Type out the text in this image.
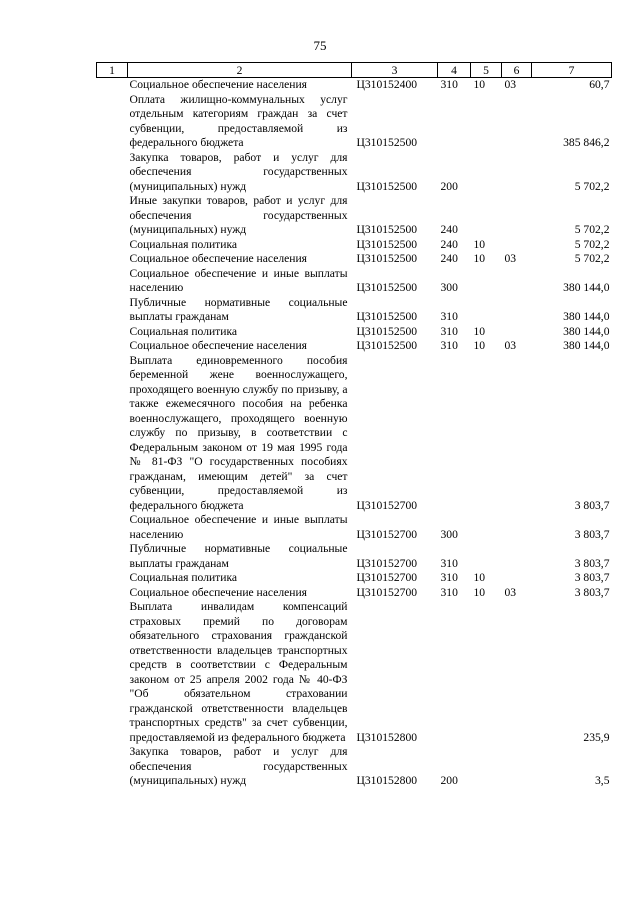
75
1	2	3	4	5	6	7
	Социальное обеспечение населения	Ц310152400	310	10	03	60,7
	Оплата жилищно-коммунальных услуг отдельным категориям граждан за счет субвенции, предоставляемой из федерального бюджета	Ц310152500				385 846,2
	Закупка товаров, работ и услуг для обеспечения государственных (муниципальных) нужд	Ц310152500	200			5 702,2
	Иные закупки товаров, работ и услуг для обеспечения государственных (муниципальных) нужд	Ц310152500	240			5 702,2
	Социальная политика	Ц310152500	240	10		5 702,2
	Социальное обеспечение населения	Ц310152500	240	10	03	5 702,2
	Социальное обеспечение и иные выплаты населению	Ц310152500	300			380 144,0
	Публичные нормативные социальные выплаты гражданам	Ц310152500	310			380 144,0
	Социальная политика	Ц310152500	310	10		380 144,0
	Социальное обеспечение населения	Ц310152500	310	10	03	380 144,0
	Выплата единовременного пособия беременной жене военнослужащего, проходящего военную службу по призыву, а также ежемесячного пособия на ребенка военнослужащего, проходящего военную службу по призыву, в соответствии с Федеральным законом от 19 мая 1995 года № 81-ФЗ "О государственных пособиях гражданам, имеющим детей" за счет субвенции, предоставляемой из федерального бюджета	Ц310152700				3 803,7
	Социальное обеспечение и иные выплаты населению	Ц310152700	300			3 803,7
	Публичные нормативные социальные выплаты гражданам	Ц310152700	310			3 803,7
	Социальная политика	Ц310152700	310	10		3 803,7
	Социальное обеспечение населения	Ц310152700	310	10	03	3 803,7
	Выплата инвалидам компенсаций страховых премий по договорам обязательного страхования гражданской ответственности владельцев транспортных средств в соответствии с Федеральным законом от 25 апреля 2002 года № 40-ФЗ "Об обязательном страховании гражданской ответственности владельцев транспортных средств" за счет субвенции, предоставляемой из федерального бюджета	Ц310152800				235,9
	Закупка товаров, работ и услуг для обеспечения государственных (муниципальных) нужд	Ц310152800	200			3,5
